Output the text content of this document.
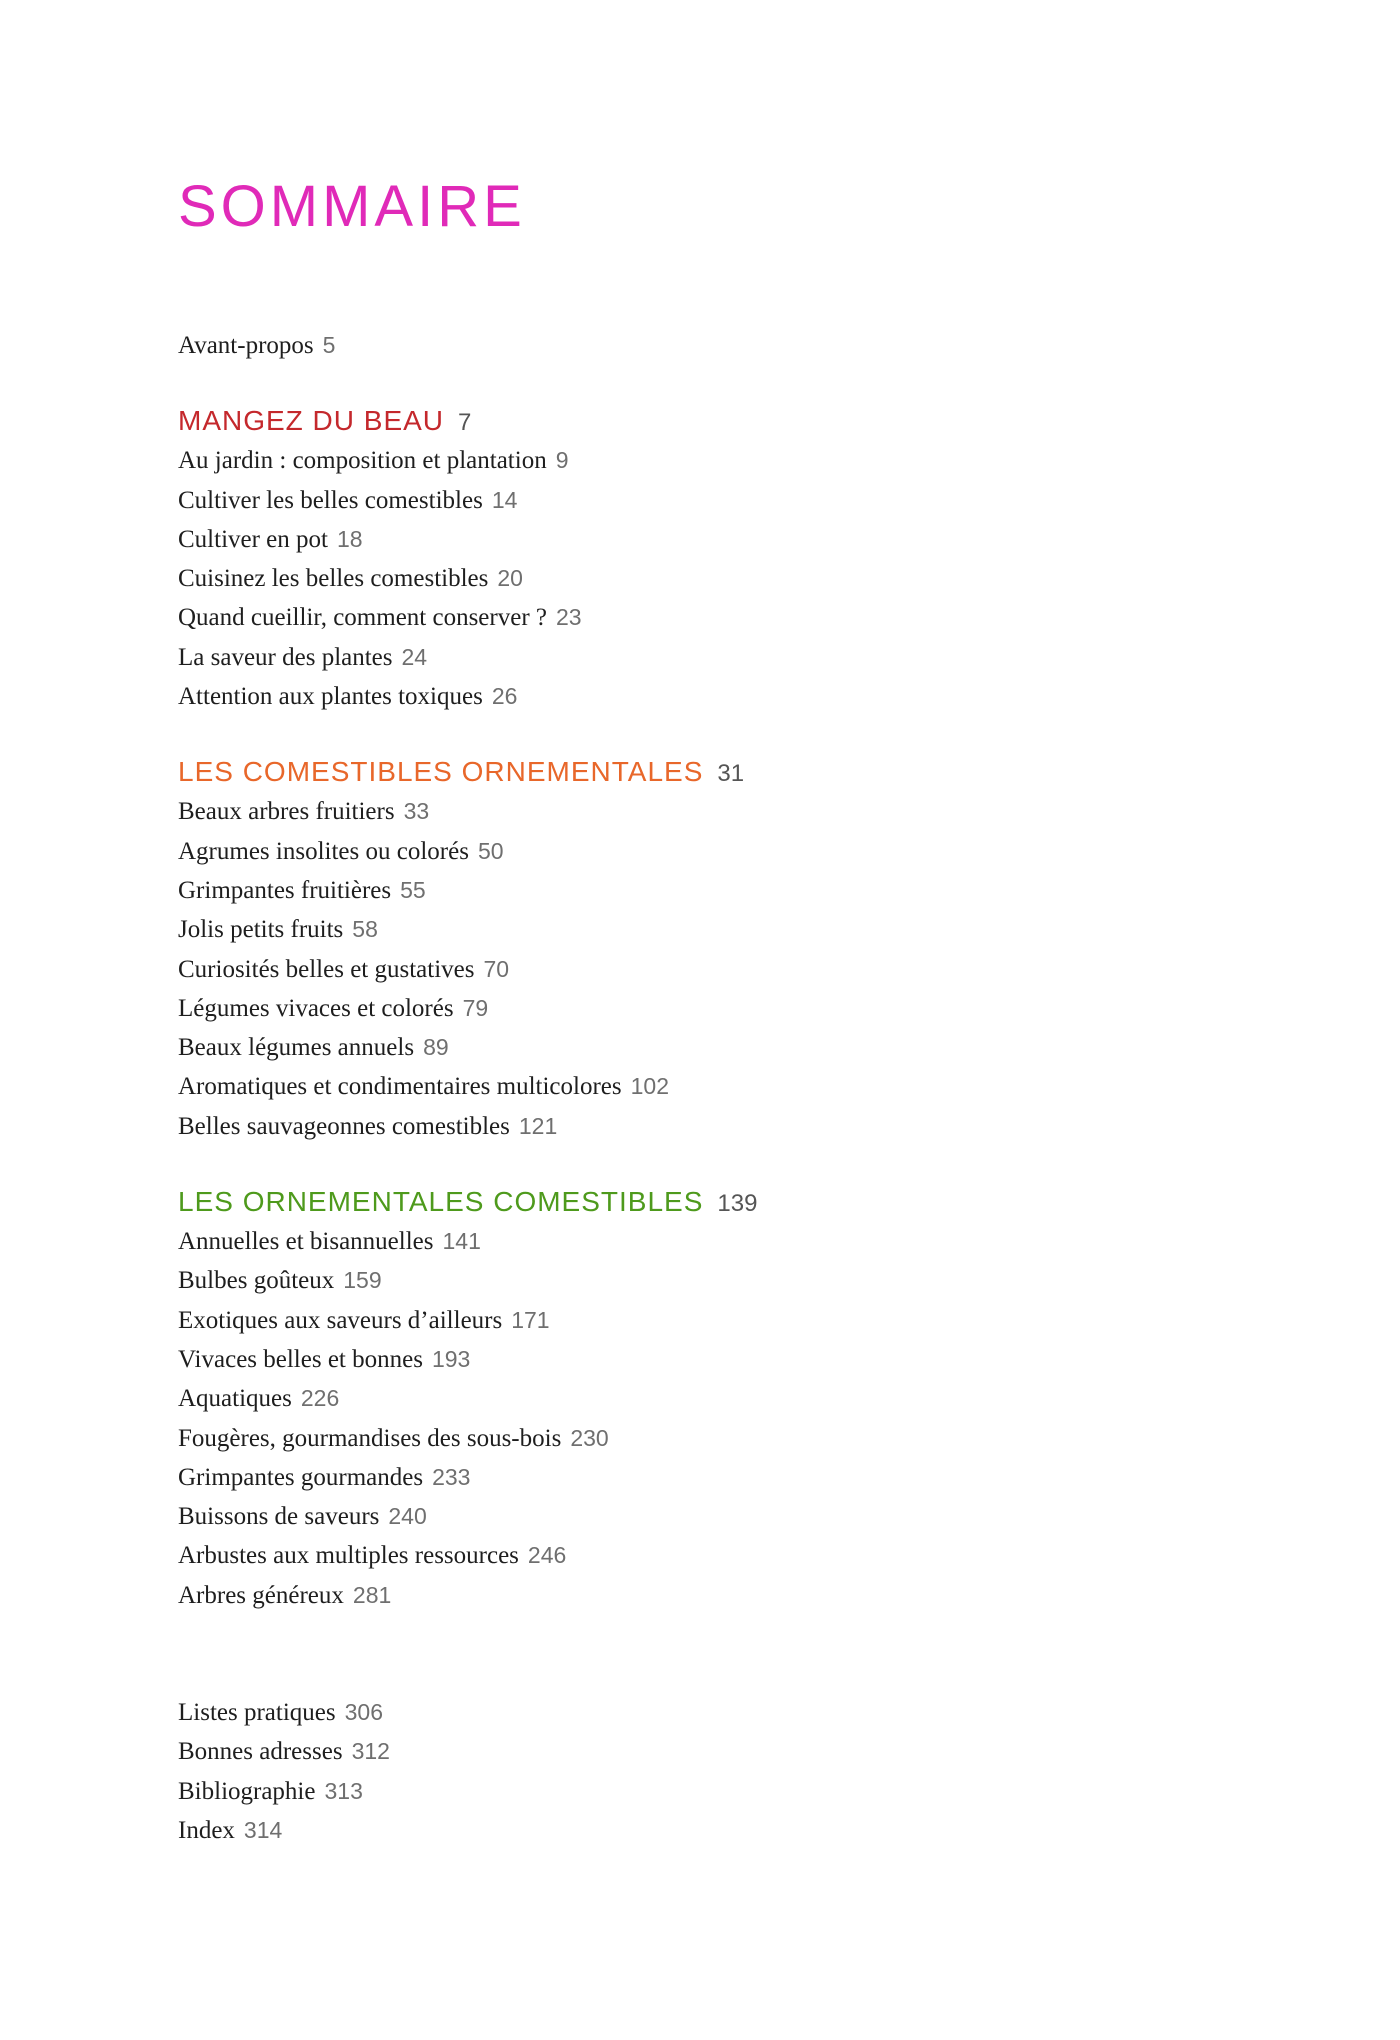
SOMMAIRE
Avant-propos 5
MANGEZ DU BEAU 7
Au jardin : composition et plantation 9
Cultiver les belles comestibles 14
Cultiver en pot 18
Cuisinez les belles comestibles 20
Quand cueillir, comment conserver ? 23
La saveur des plantes 24
Attention aux plantes toxiques 26
LES COMESTIBLES ORNEMENTALES 31
Beaux arbres fruitiers 33
Agrumes insolites ou colorés 50
Grimpantes fruitières 55
Jolis petits fruits 58
Curiosités belles et gustatives 70
Légumes vivaces et colorés 79
Beaux légumes annuels 89
Aromatiques et condimentaires multicolores 102
Belles sauvageonnes comestibles 121
LES ORNEMENTALES COMESTIBLES 139
Annuelles et bisannuelles 141
Bulbes goûteux 159
Exotiques aux saveurs d’ailleurs 171
Vivaces belles et bonnes 193
Aquatiques 226
Fougères, gourmandises des sous-bois 230
Grimpantes gourmandes 233
Buissons de saveurs 240
Arbustes aux multiples ressources 246
Arbres généreux 281
Listes pratiques 306
Bonnes adresses 312
Bibliographie 313
Index 314
